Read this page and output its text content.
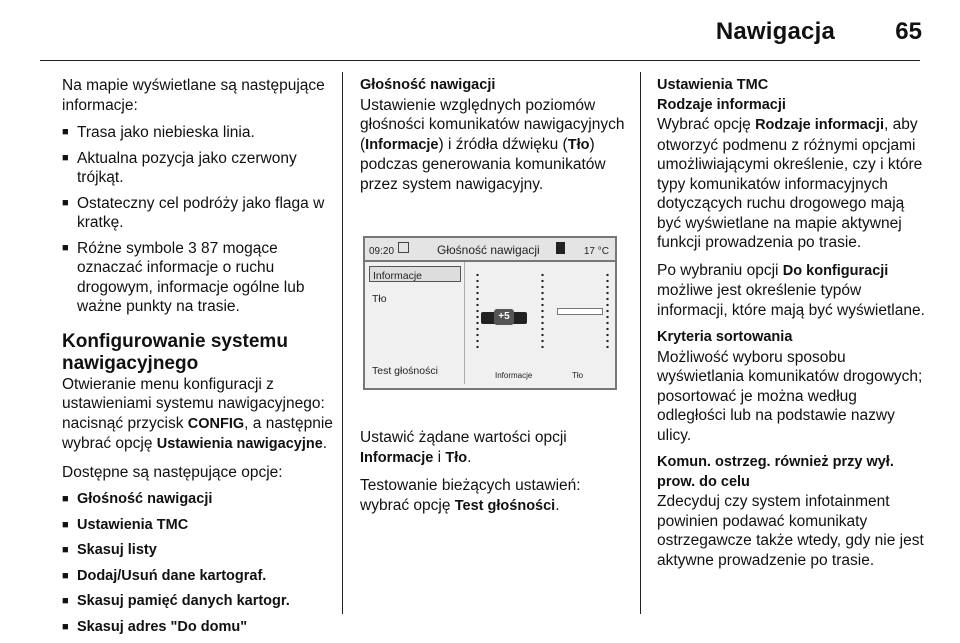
Nawigacja	65

Na mapie wyświetlane są następujące informacje:

■ Trasa jako niebieska linia.
■ Aktualna pozycja jako czerwony trójkąt.
■ Ostateczny cel podróży jako flaga w kratkę.
■ Różne symbole 3 87 mogące oznaczać informacje o ruchu drogowym, informacje ogólne lub ważne punkty na trasie.
Konfigurowanie systemu nawigacyjnego

Otwieranie menu konfiguracji z ustawieniami systemu nawigacyjnego: nacisnąć przycisk CONFIG, a następnie wybrać opcję Ustawienia nawigacyjne.

Dostępne są następujące opcje:

■ Głośność nawigacji
■ Ustawienia TMC
■ Skasuj listy
■ Dodaj/Usuń dane kartograf.
■ Skasuj pamięć danych kartogr.
■ Skasuj adres "Do domu"
Głośność nawigacji

Ustawienie względnych poziomów głośności komunikatów nawigacyjnych (Informacje) i źródła dźwięku (Tło) podczas generowania komunikatów przez system nawigacyjny.

09:20	Głośność nawigacji	17 °C
Informacje
Tło
Test głośności
+5
Informacje	Tło

Ustawić żądane wartości opcji Informacje i Tło.

Testowanie bieżących ustawień: wybrać opcję Test głośności.

Ustawienia TMC
Rodzaje informacji

Wybrać opcję Rodzaje informacji, aby otworzyć podmenu z różnymi opcjami umożliwiającymi określenie, czy i które typy komunikatów informacyjnych dotyczących ruchu drogowego mają być wyświetlane na mapie aktywnej funkcji prowadzenia po trasie.

Po wybraniu opcji Do konfiguracji możliwe jest określenie typów informacji, które mają być wyświetlane.

Kryteria sortowania

Możliwość wyboru sposobu wyświetlania komunikatów drogowych; posortować je można według odległości lub na podstawie nazwy ulicy.

Komun. ostrzeg. również przy wył. prow. do celu

Zdecyduj czy system infotainment powinien podawać komunikaty ostrzegawcze także wtedy, gdy nie jest aktywne prowadzenie po trasie.
